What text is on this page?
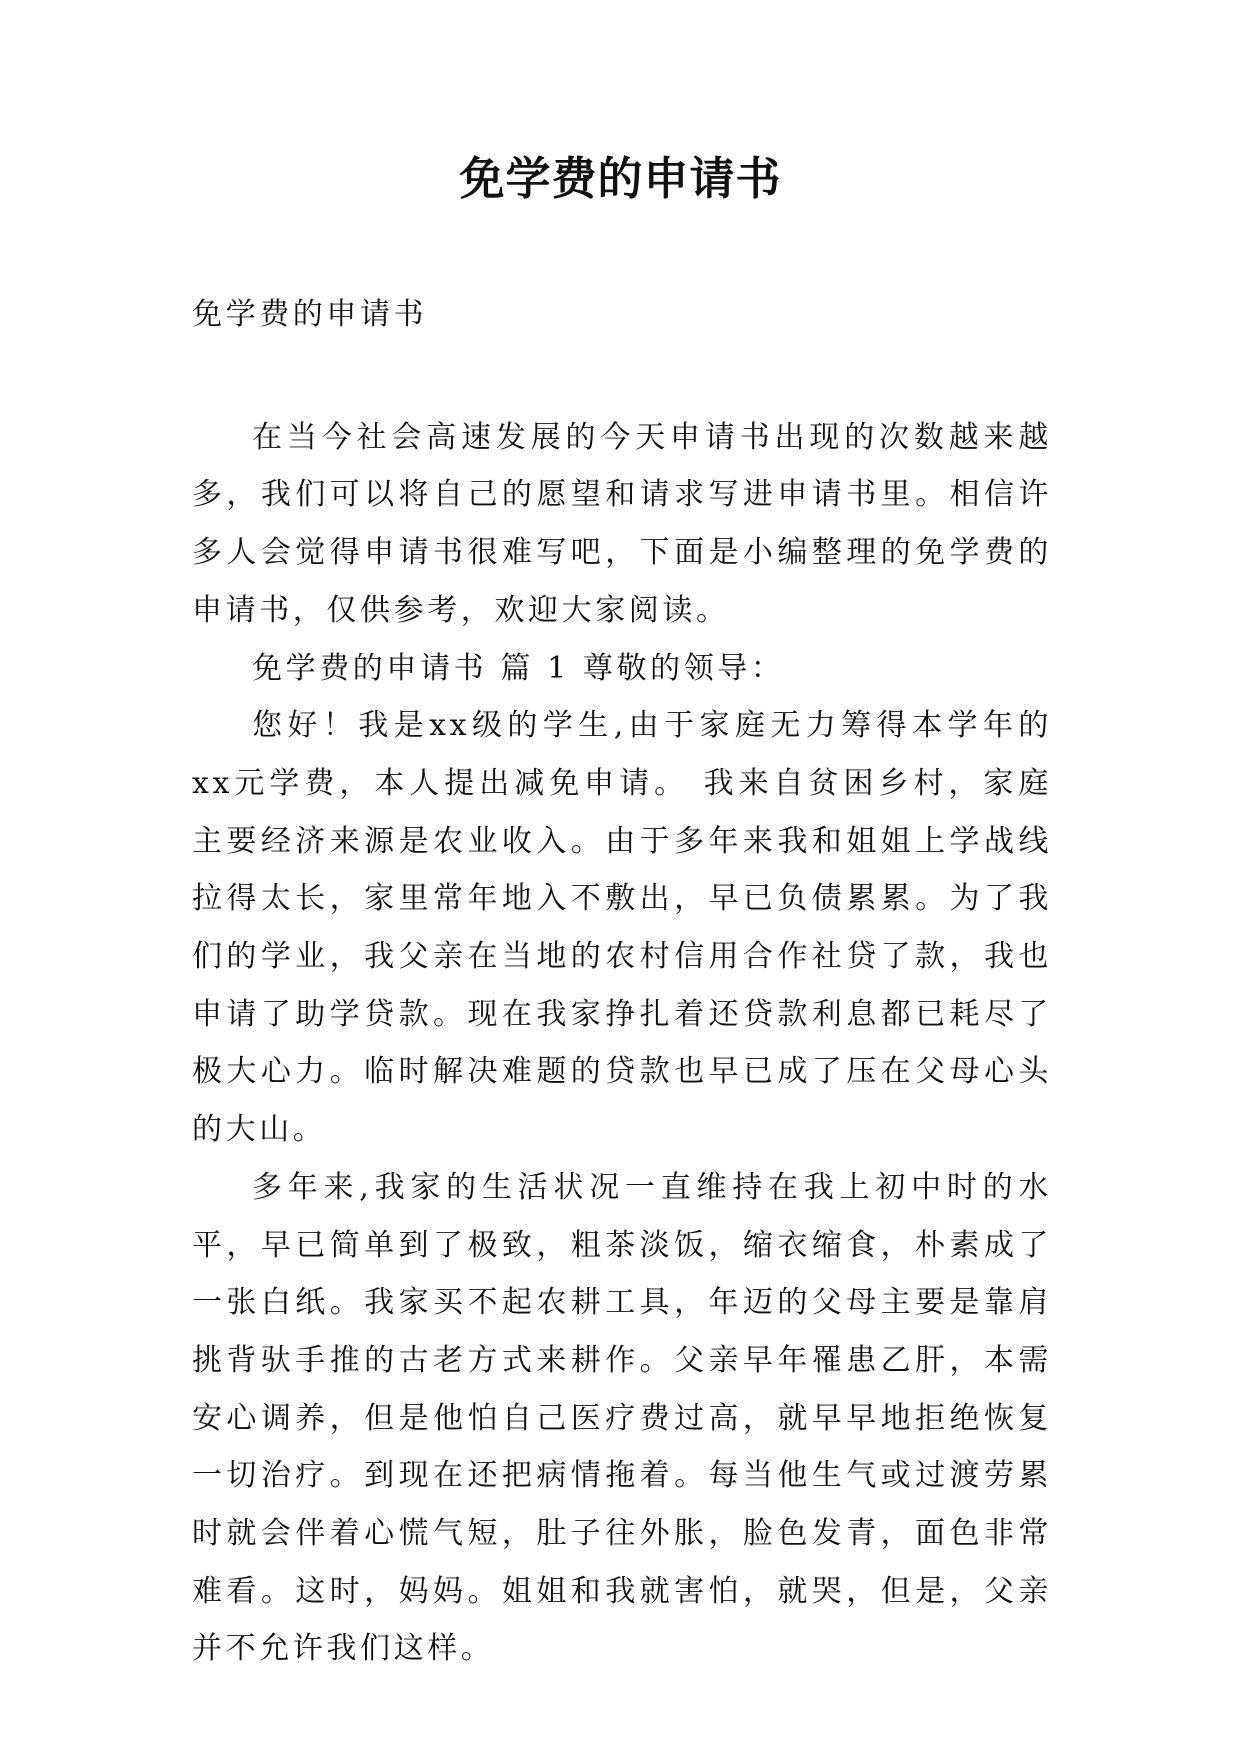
免学费的申请书

免学费的申请书

在当今社会高速发展的今天申请书出现的次数越来越多，我们可以将自己的愿望和请求写进申请书里。相信许多人会觉得申请书很难写吧，下面是小编整理的免学费的申请书，仅供参考，欢迎大家阅读。

免学费的申请书 篇 1 尊敬的领导：

您好！我是xx级的学生,由于家庭无力筹得本学年的xx元学费，本人提出减免申请。 我来自贫困乡村，家庭主要经济来源是农业收入。由于多年来我和姐姐上学战线拉得太长，家里常年地入不敷出，早已负债累累。为了我们的学业，我父亲在当地的农村信用合作社贷了款，我也申请了助学贷款。现在我家挣扎着还贷款利息都已耗尽了极大心力。临时解决难题的贷款也早已成了压在父母心头的大山。

多年来,我家的生活状况一直维持在我上初中时的水平，早已简单到了极致，粗茶淡饭，缩衣缩食，朴素成了一张白纸。我家买不起农耕工具，年迈的父母主要是靠肩挑背驮手推的古老方式来耕作。父亲早年罹患乙肝，本需安心调养，但是他怕自己医疗费过高，就早早地拒绝恢复一切治疗。到现在还把病情拖着。每当他生气或过渡劳累时就会伴着心慌气短，肚子往外胀，脸色发青，面色非常难看。这时，妈妈。姐姐和我就害怕，就哭，但是，父亲并不允许我们这样。
